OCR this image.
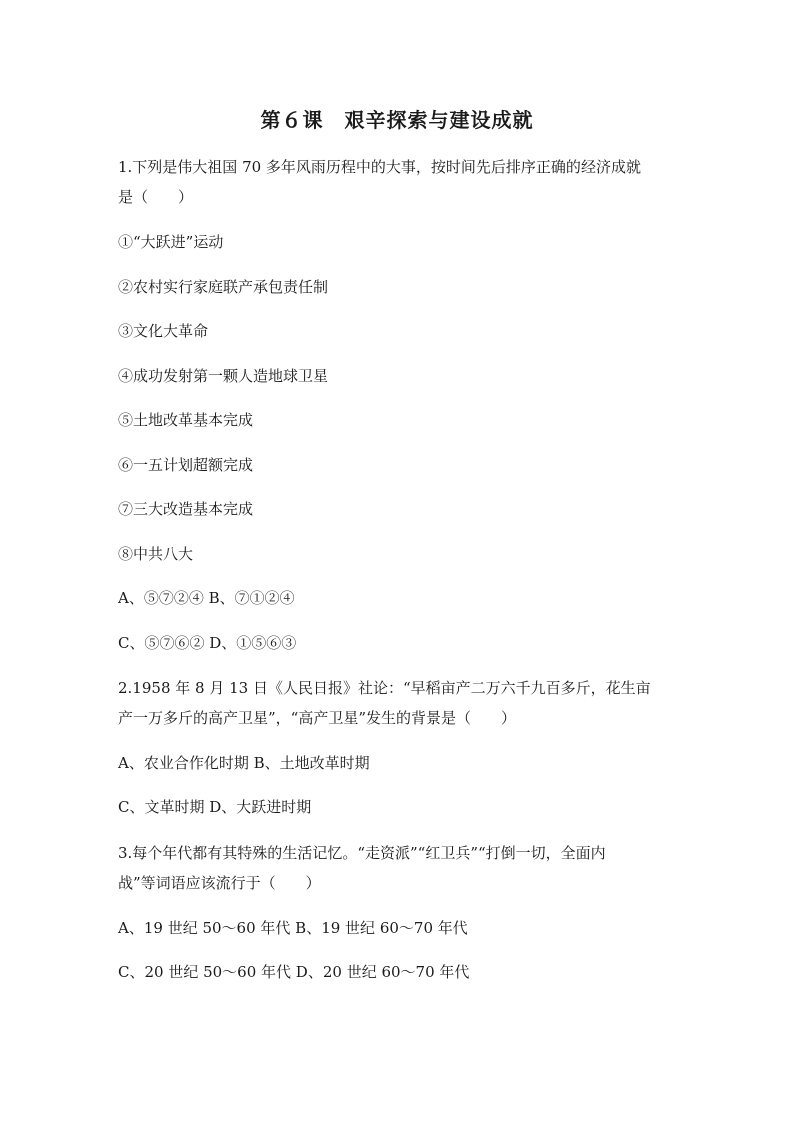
第６课　艰辛探索与建设成就
1.下列是伟大祖国 70 多年风雨历程中的大事，按时间先后排序正确的经济成就
是（　　）
①“大跃进”运动
②农村实行家庭联产承包责任制
③文化大革命
④成功发射第一颗人造地球卫星
⑤土地改革基本完成
⑥一五计划超额完成
⑦三大改造基本完成
⑧中共八大
A、⑤⑦②④ B、⑦①②④
C、⑤⑦⑥② D、①⑤⑥③
2.1958 年 8 月 13 日《人民日报》社论：“早稻亩产二万六千九百多斤，花生亩
产一万多斤的高产卫星”，“高产卫星”发生的背景是（　　）
A、农业合作化时期 B、土地改革时期
C、文革时期 D、大跃进时期
3.每个年代都有其特殊的生活记忆。“走资派”“红卫兵”“打倒一切，全面内
战”等词语应该流行于（　　）
A、19 世纪 50～60 年代 B、19 世纪 60～70 年代
C、20 世纪 50～60 年代 D、20 世纪 60～70 年代
